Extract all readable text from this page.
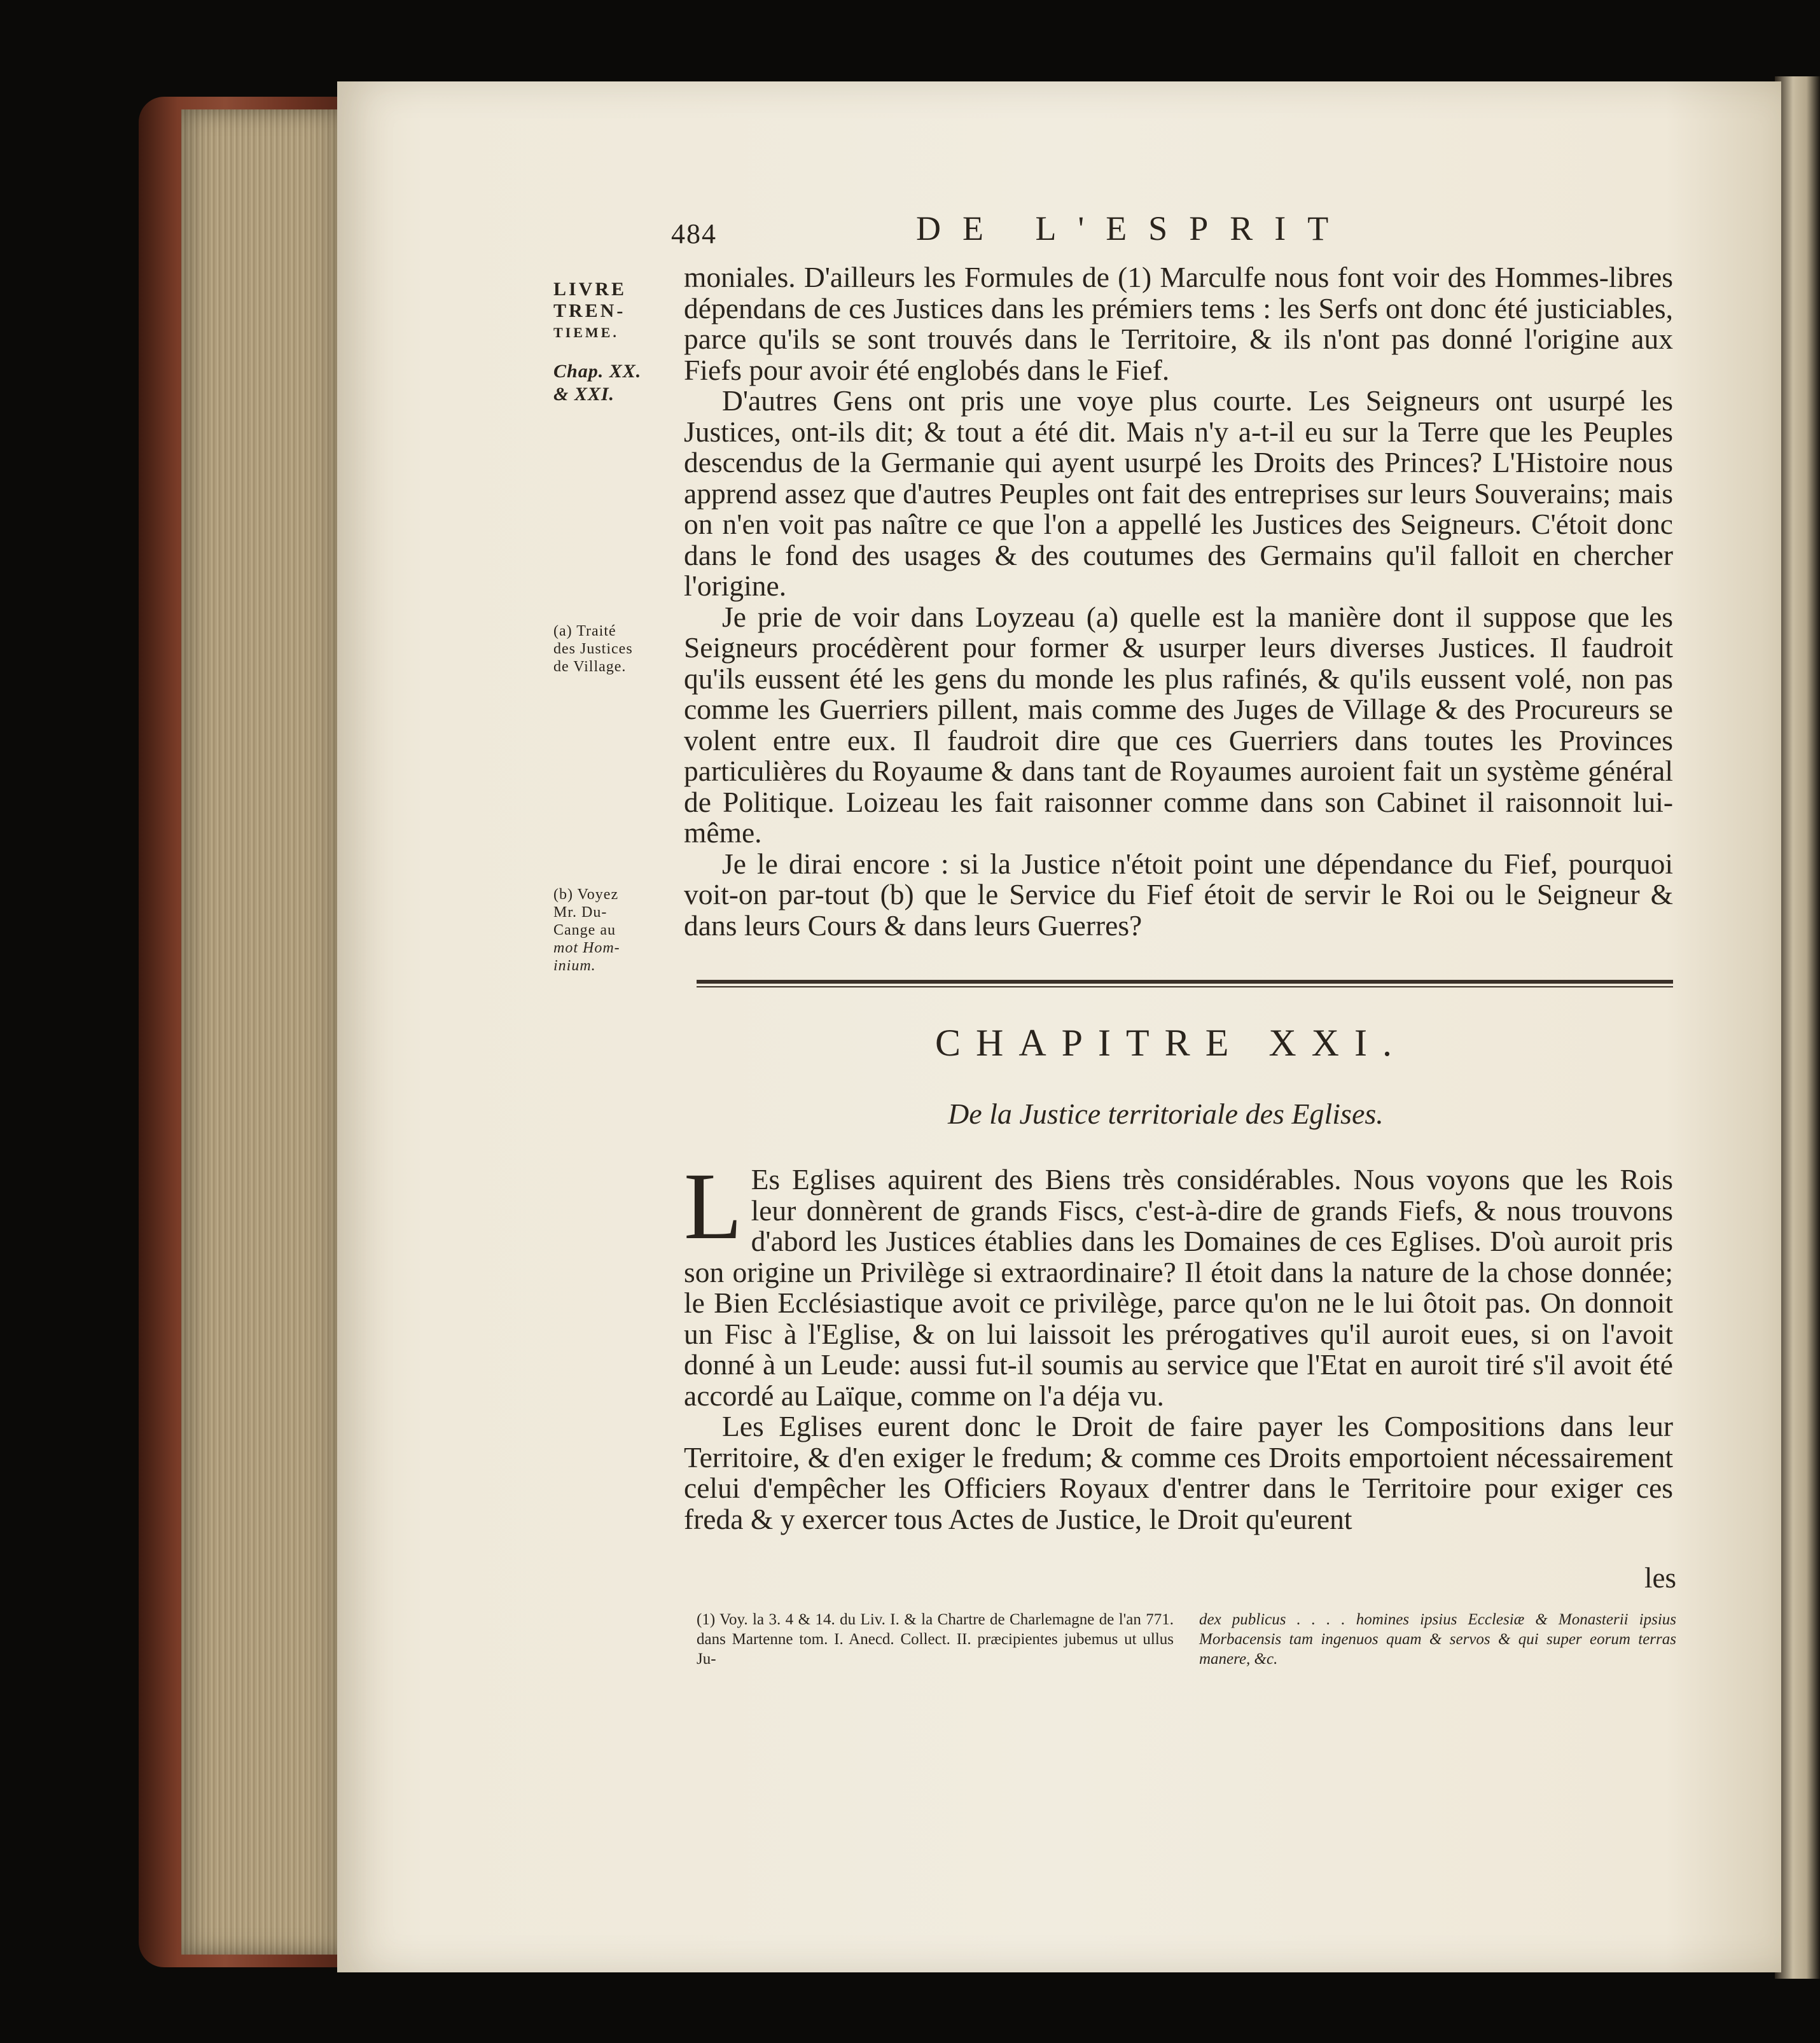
484	DE L'ESPRIT
LIVRE
TREN-
TIEME.
Chap. XX.
& XXI.
(a) Traité
des Justices
de Village.
(b) Voyez
Mr. Du-
Cange au
mot Hom-
inium.

moniales. D'ailleurs les Formules de (1) Marculfe nous font voir des Hommes-libres dépendans de ces Justices dans les prémiers tems : les Serfs ont donc été justiciables, parce qu'ils se sont trouvés dans le Territoire, & ils n'ont pas donné l'origine aux Fiefs pour avoir été englobés dans le Fief.

D'autres Gens ont pris une voye plus courte. Les Seigneurs ont usurpé les Justices, ont-ils dit; & tout a été dit. Mais n'y a-t-il eu sur la Terre que les Peuples descendus de la Germanie qui ayent usurpé les Droits des Princes? L'Histoire nous apprend assez que d'autres Peuples ont fait des entreprises sur leurs Souverains; mais on n'en voit pas naître ce que l'on a appellé les Justices des Seigneurs. C'étoit donc dans le fond des usages & des coutumes des Germains qu'il falloit en chercher l'origine.

Je prie de voir dans Loyzeau (a) quelle est la manière dont il suppose que les Seigneurs procédèrent pour former & usurper leurs diverses Justices. Il faudroit qu'ils eussent été les gens du monde les plus rafinés, & qu'ils eussent volé, non pas comme les Guerriers pillent, mais comme des Juges de Village & des Procureurs se volent entre eux. Il faudroit dire que ces Guerriers dans toutes les Provinces particulières du Royaume & dans tant de Royaumes auroient fait un système général de Politique. Loizeau les fait raisonner comme dans son Cabinet il raisonnoit lui-même.

Je le dirai encore : si la Justice n'étoit point une dépendance du Fief, pourquoi voit-on par-tout (b) que le Service du Fief étoit de servir le Roi ou le Seigneur & dans leurs Cours & dans leurs Guerres?

CHAPITRE XXI.
De la Justice territoriale des Eglises.

L Es Eglises aquirent des Biens très considérables. Nous voyons que les Rois leur donnèrent de grands Fiscs, c'est-à-dire de grands Fiefs, & nous trouvons d'abord les Justices établies dans les Domaines de ces Eglises. D'où auroit pris son origine un Privilège si extraordinaire? Il étoit dans la nature de la chose donnée; le Bien Ecclésiastique avoit ce privilège, parce qu'on ne le lui ôtoit pas. On donnoit un Fisc à l'Eglise, & on lui laissoit les prérogatives qu'il auroit eues, si on l'avoit donné à un Leude: aussi fut-il soumis au service que l'Etat en auroit tiré s'il avoit été accordé au Laïque, comme on l'a déja vu.

Les Eglises eurent donc le Droit de faire payer les Compositions dans leur Territoire, & d'en exiger le fredum; & comme ces Droits emportoient nécessairement celui d'empêcher les Officiers Royaux d'entrer dans le Territoire pour exiger ces freda & y exercer tous Actes de Justice, le Droit qu'eurent

les
(1) Voy. la 3. 4 & 14. du Liv. I. & la Chartre de Charlemagne de l'an 771. dans Martenne tom. I. Anecd. Collect. II. præcipientes jubemus ut ullus Ju-
dex publicus . . . . homines ipsius Ecclesiæ & Monasterii ipsius Morbacensis tam ingenuos quam & servos & qui super eorum terras manere, &c.
